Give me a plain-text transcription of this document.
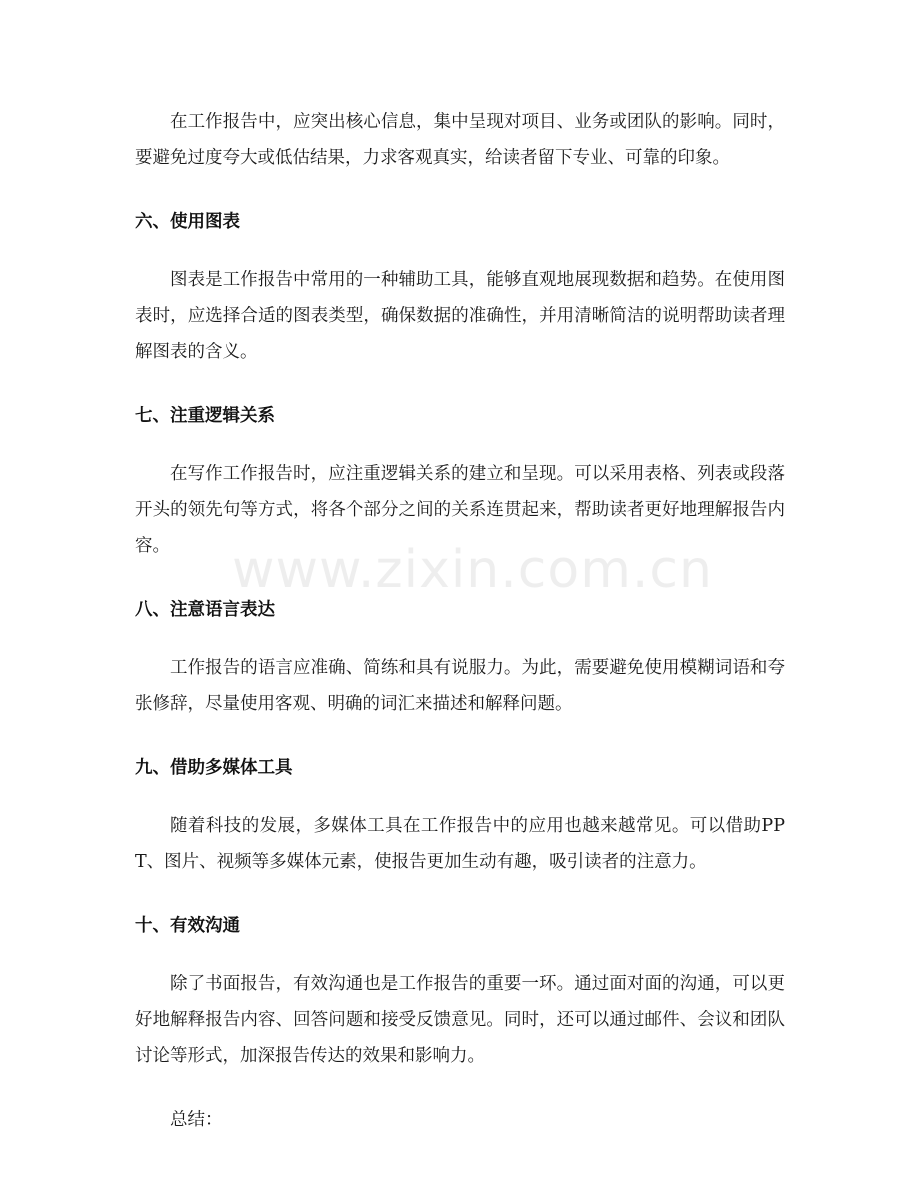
在工作报告中，应突出核心信息，集中呈现对项目、业务或团队的影响。同时，要避免过度夸大或低估结果，力求客观真实，给读者留下专业、可靠的印象。

六、使用图表

图表是工作报告中常用的一种辅助工具，能够直观地展现数据和趋势。在使用图表时，应选择合适的图表类型，确保数据的准确性，并用清晰简洁的说明帮助读者理解图表的含义。

七、注重逻辑关系

在写作工作报告时，应注重逻辑关系的建立和呈现。可以采用表格、列表或段落开头的领先句等方式，将各个部分之间的关系连贯起来，帮助读者更好地理解报告内容。

八、注意语言表达

工作报告的语言应准确、简练和具有说服力。为此，需要避免使用模糊词语和夸张修辞，尽量使用客观、明确的词汇来描述和解释问题。

九、借助多媒体工具

随着科技的发展，多媒体工具在工作报告中的应用也越来越常见。可以借助PPT、图片、视频等多媒体元素，使报告更加生动有趣，吸引读者的注意力。

十、有效沟通

除了书面报告，有效沟通也是工作报告的重要一环。通过面对面的沟通，可以更好地解释报告内容、回答问题和接受反馈意见。同时，还可以通过邮件、会议和团队讨论等形式，加深报告传达的效果和影响力。

总结：

www.zixin.com.cn
